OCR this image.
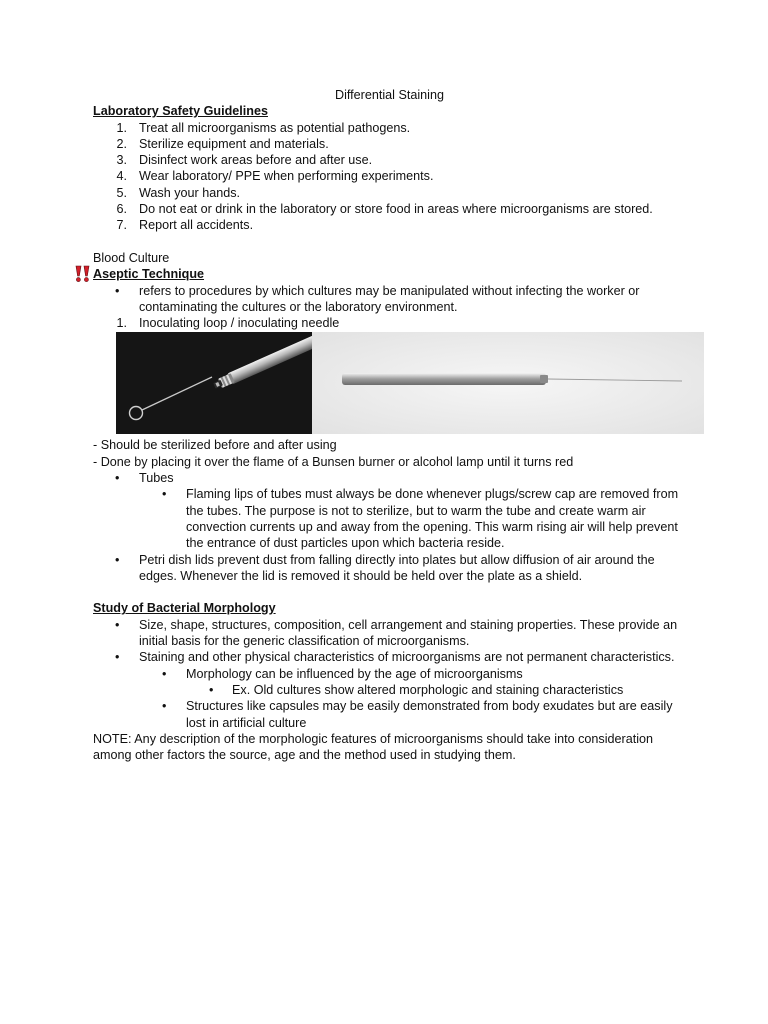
Differential Staining
Laboratory Safety Guidelines
1. Treat all microorganisms as potential pathogens.
2. Sterilize equipment and materials.
3. Disinfect work areas before and after use.
4. Wear laboratory/ PPE when performing experiments.
5. Wash your hands.
6. Do not eat or drink in the laboratory or store food in areas where microorganisms are stored.
7. Report all accidents.
Blood Culture
Aseptic Technique
• refers to procedures by which cultures may be manipulated without infecting the worker or contaminating the cultures or the laboratory environment.
1. Inoculating loop / inoculating needle
- Should be sterilized before and after using
- Done by placing it over the flame of a Bunsen burner or alcohol lamp until it turns red
• Tubes
• Flaming lips of tubes must always be done whenever plugs/screw cap are removed from the tubes. The purpose is not to sterilize, but to warm the tube and create warm air convection currents up and away from the opening. This warm rising air will help prevent the entrance of dust particles upon which bacteria reside.
• Petri dish lids prevent dust from falling directly into plates but allow diffusion of air around the edges. Whenever the lid is removed it should be held over the plate as a shield.
Study of Bacterial Morphology
• Size, shape, structures, composition, cell arrangement and staining properties. These provide an initial basis for the generic classification of microorganisms.
• Staining and other physical characteristics of microorganisms are not permanent characteristics.
• Morphology can be influenced by the age of microorganisms
• Ex. Old cultures show altered morphologic and staining characteristics
• Structures like capsules may be easily demonstrated from body exudates but are easily lost in artificial culture
NOTE: Any description of the morphologic features of microorganisms should take into consideration among other factors the source, age and the method used in studying them.
